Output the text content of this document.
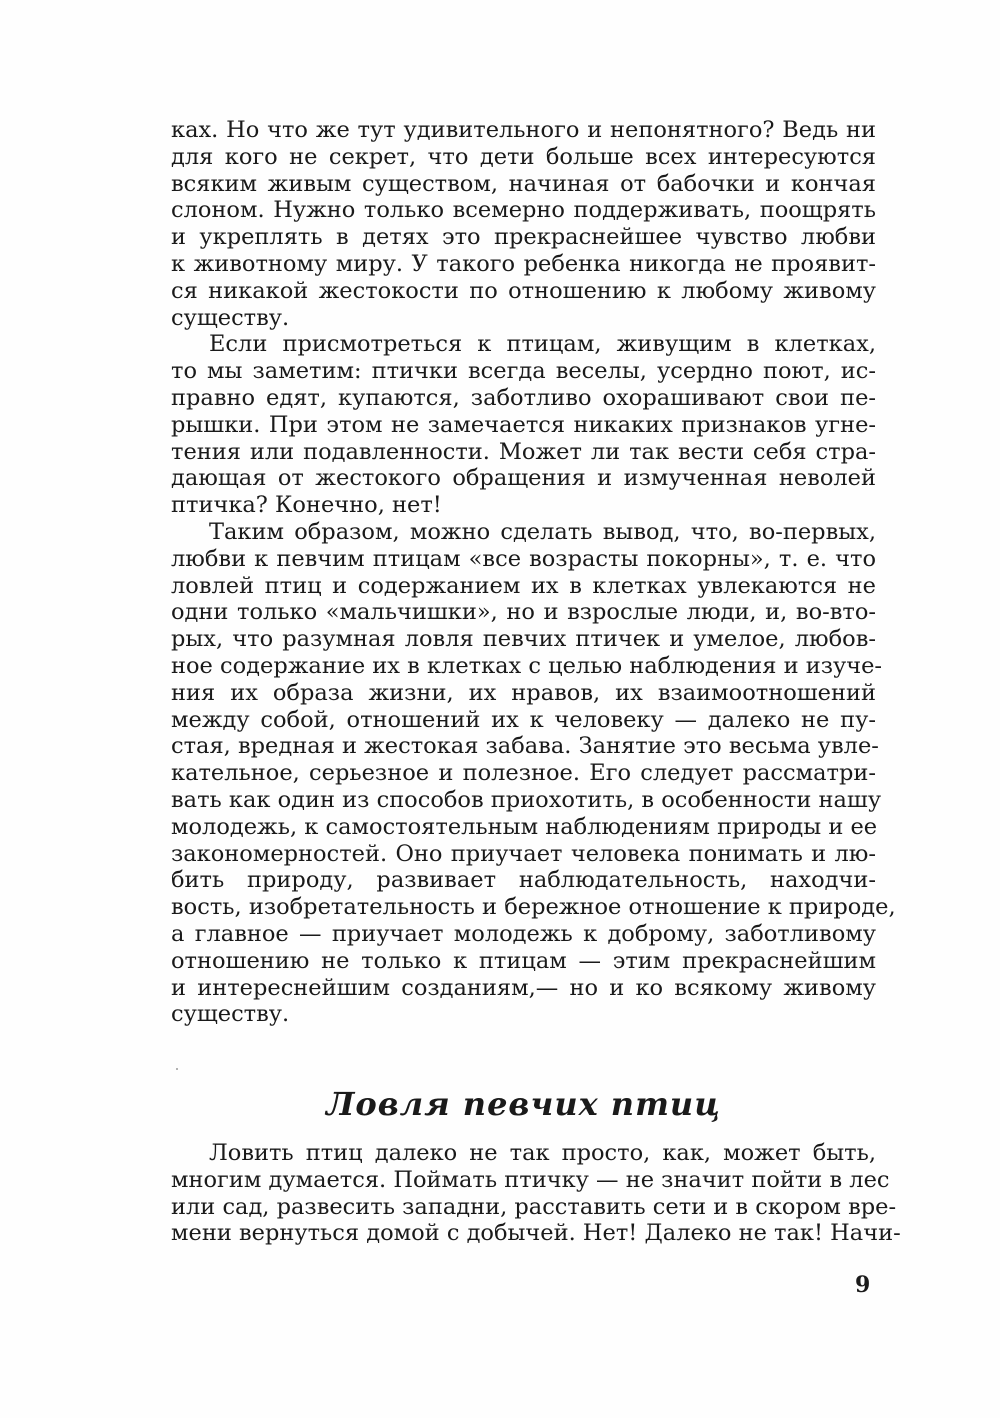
ках. Но что же тут удивительного и непонятного? Ведь ни
для кого не секрет, что дети больше всех интересуются
всяким живым существом, начиная от бабочки и кончая
слоном. Нужно только всемерно поддерживать, поощрять
и укреплять в детях это прекраснейшее чувство любви
к животному миру. У такого ребенка никогда не проявит-
ся никакой жестокости по отношению к любому живому
существу.
Если присмотреться к птицам, живущим в клетках,
то мы заметим: птички всегда веселы, усердно поют, ис-
правно едят, купаются, заботливо охорашивают свои пе-
рышки. При этом не замечается никаких признаков угне-
тения или подавленности. Может ли так вести себя стра-
дающая от жестокого обращения и измученная неволей
птичка? Конечно, нет!
Таким образом, можно сделать вывод, что, во-первых,
любви к певчим птицам «все возрасты покорны», т. е. что
ловлей птиц и содержанием их в клетках увлекаются не
одни только «мальчишки», но и взрослые люди, и, во-вто-
рых, что разумная ловля певчих птичек и умелое, любов-
ное содержание их в клетках с целью наблюдения и изуче-
ния их образа жизни, их нравов, их взаимоотношений
между собой, отношений их к человеку — далеко не пу-
стая, вредная и жестокая забава. Занятие это весьма увле-
кательное, серьезное и полезное. Его следует рассматри-
вать как один из способов приохотить, в особенности нашу
молодежь, к самостоятельным наблюдениям природы и ее
закономерностей. Оно приучает человека понимать и лю-
бить природу, развивает наблюдательность, находчи-
вость, изобретательность и бережное отношение к природе,
а главное — приучает молодежь к доброму, заботливому
отношению не только к птицам — этим прекраснейшим
и интереснейшим созданиям,— но и ко всякому живому
существу.
Ловля певчих птиц
Ловить птиц далеко не так просто, как, может быть,
многим думается. Поймать птичку — не значит пойти в лес
или сад, развесить западни, расставить сети и в скором вре-
мени вернуться домой с добычей. Нет! Далеко не так! Начи-
9
